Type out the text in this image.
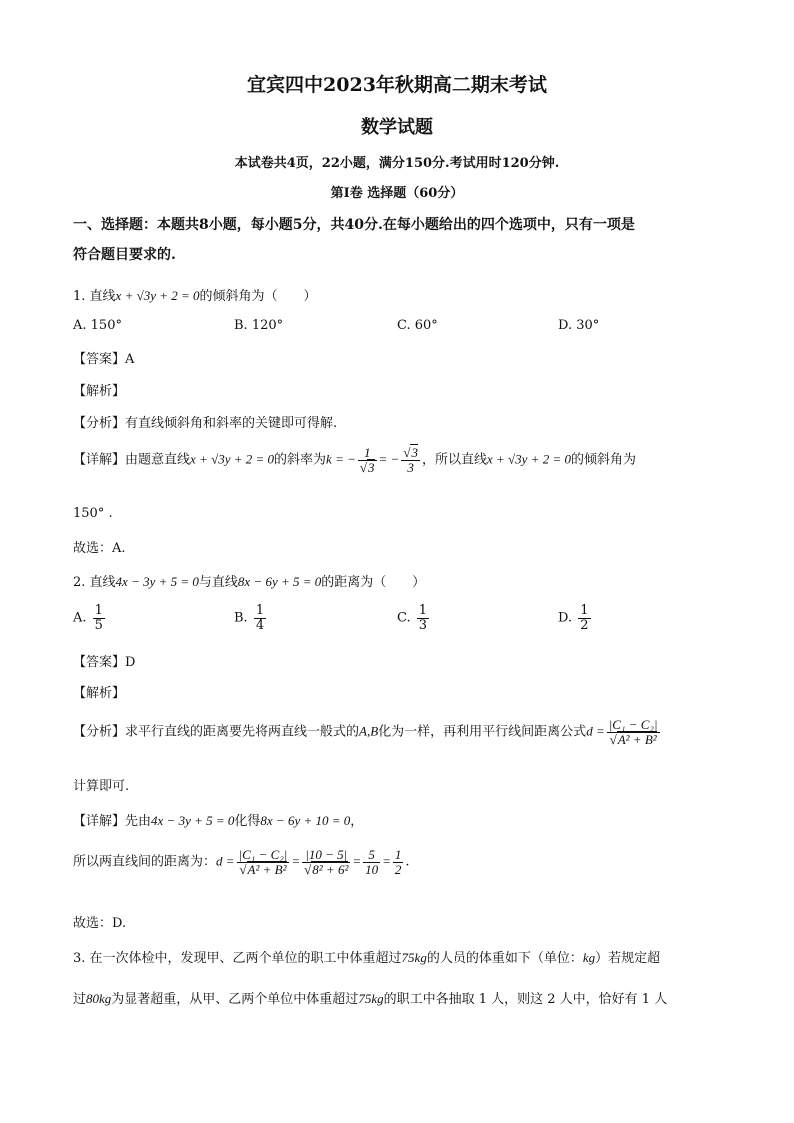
宜宾四中2023年秋期高二期末考试
数学试题
本试卷共4页，22小题，满分150分.考试用时120分钟.
第Ⅰ卷 选择题（60分）
一、选择题：本题共8小题，每小题5分，共40分.在每小题给出的四个选项中，只有一项是
符合题目要求的.
1. 直线x + √3y + 2 = 0的倾斜角为（　　）
A. 150°	B. 120°	C. 60°	D. 30°
【答案】A
【解析】
【分析】有直线倾斜角和斜率的关键即可得解.
【详解】由题意直线x + √3y + 2 = 0的斜率为k = − $\frac{1}{√3}$ = − $\frac{√3}{3}$ ，所以直线x + √3y + 2 = 0的倾斜角为
150° .
故选：A.
2. 直线4x − 3y + 5 = 0与直线8x − 6y + 5 = 0的距离为（　　）
A. $\frac{1}{5}$	B. $\frac{1}{4}$	C. $\frac{1}{3}$	D. $\frac{1}{2}$
【答案】D
【解析】
【分析】求平行直线的距离要先将两直线一般式的A,B化为一样，再利用平行线间距离公式$d = \frac{\text{|C₁ − C₂|}}{\text{√A² + B²}}$
计算即可.
【详解】先由4x − 3y + 5 = 0化得8x − 6y + 10 = 0，
所以两直线间的距离为：$d = \frac{\text{|C₁ − C₂|}}{\text{√A² + B²}} = \frac{|10 - 5|}{\text{√8² + 6²}} = \frac{5}{10} = \frac{1}{2}$ .
故选：D.
3. 在一次体检中，发现甲、乙两个单位的职工中体重超过75kg的人员的体重如下（单位：kg）若规定超
过80kg为显著超重，从甲、乙两个单位中体重超过75kg的职工中各抽取 1 人，则这 2 人中，恰好有 1 人
